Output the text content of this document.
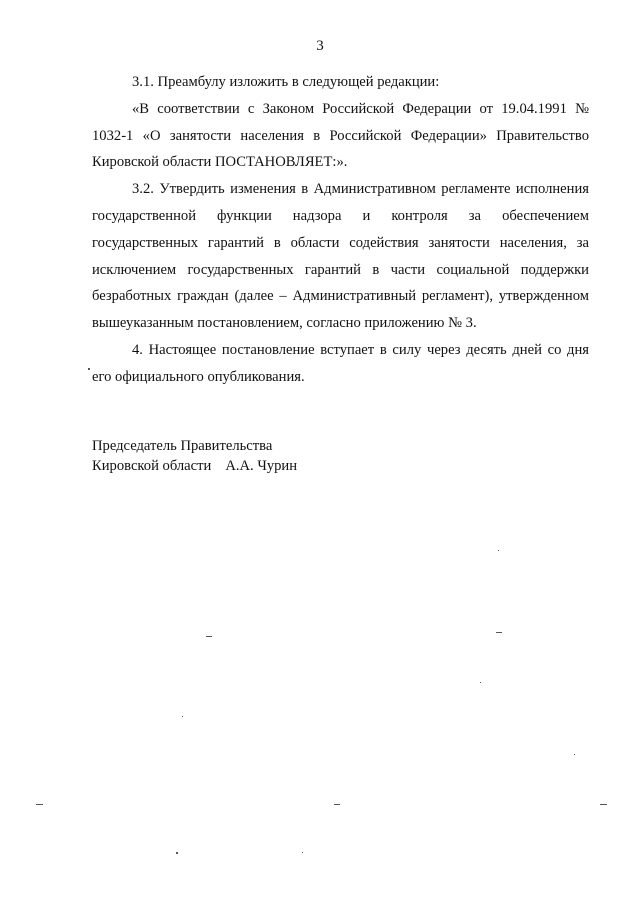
3

3.1. Преамбулу изложить в следующей редакции:

«В соответствии с Законом Российской Федерации от 19.04.1991 № 1032-1 «О занятости населения в Российской Федерации» Правительство Кировской области ПОСТАНОВЛЯЕТ:».

3.2. Утвердить изменения в Административном регламенте исполнения государственной функции надзора и контроля за обеспечением государственных гарантий в области содействия занятости населения, за исключением государственных гарантий в части социальной поддержки безработных граждан (далее – Административный регламент), утвержденном вышеуказанным постановлением, согласно приложению № 3.

4. Настоящее постановление вступает в силу через десять дней со дня его официального опубликования.

Председатель Правительства
Кировской области А.А. Чурин
